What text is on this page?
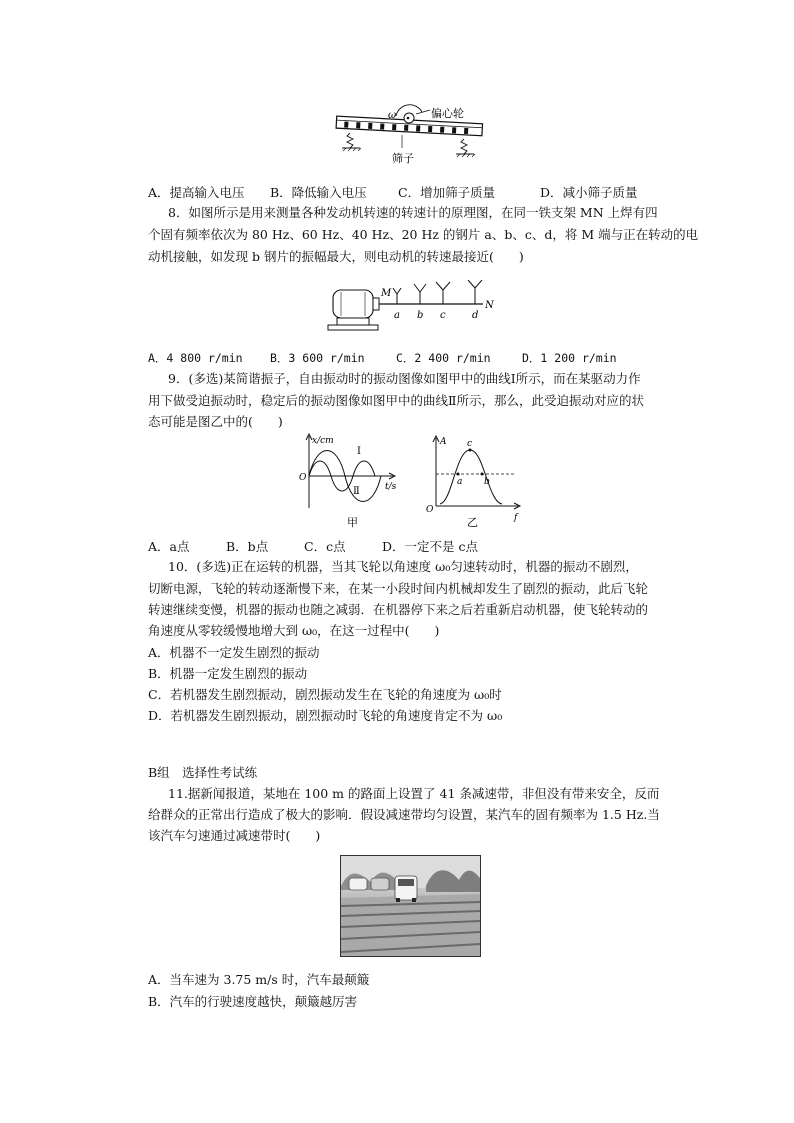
ω	偏心轮
筛子
A．提高输入电压 B．降低输入电压	C．增加筛子质量	D．减小筛子质量
8．如图所示是用来测量各种发动机转速的转速计的原理图，在同一铁支架 MN 上焊有四
个固有频率依次为 80 Hz、60 Hz、40 Hz、20 Hz 的钢片 a、b、c、d，将 M 端与正在转动的电
动机接触，如发现 b 钢片的振幅最大，则电动机的转速最接近(　　)
M
N
a b c	d
A．4 800 r/min B．3 600 r/min	C．2 400 r/min	D．1 200 r/min
9．(多选)某简谐振子，自由振动时的振动图像如图甲中的曲线Ⅰ所示，而在某驱动力作
用下做受迫振动时，稳定后的振动图像如图甲中的曲线Ⅱ所示，那么，此受迫振动对应的状
态可能是图乙中的(　　)
x/cm
t/s
O
Ⅰ
Ⅱ
甲
A
f
O
c
a b
乙
A．a点	B．b点	C．c点	D．一定不是 c点
10．(多选)正在运转的机器，当其飞轮以角速度 ω₀匀速转动时，机器的振动不剧烈，
切断电源，飞轮的转动逐渐慢下来，在某一小段时间内机械却发生了剧烈的振动，此后飞轮
转速继续变慢，机器的振动也随之减弱．在机器停下来之后若重新启动机器，使飞轮转动的
角速度从零较缓慢地增大到 ω₀，在这一过程中(　　)
A．机器不一定发生剧烈的振动
B．机器一定发生剧烈的振动
C．若机器发生剧烈振动，剧烈振动发生在飞轮的角速度为 ω₀时
D．若机器发生剧烈振动，剧烈振动时飞轮的角速度肯定不为 ω₀
B组　选择性考试练
11.据新闻报道，某地在 100 m 的路面上设置了 41 条减速带，非但没有带来安全，反而
给群众的正常出行造成了极大的影响．假设减速带均匀设置，某汽车的固有频率为 1.5 Hz.当
该汽车匀速通过减速带时(　　)
A．当车速为 3.75 m/s 时，汽车最颠簸
B．汽车的行驶速度越快，颠簸越厉害
